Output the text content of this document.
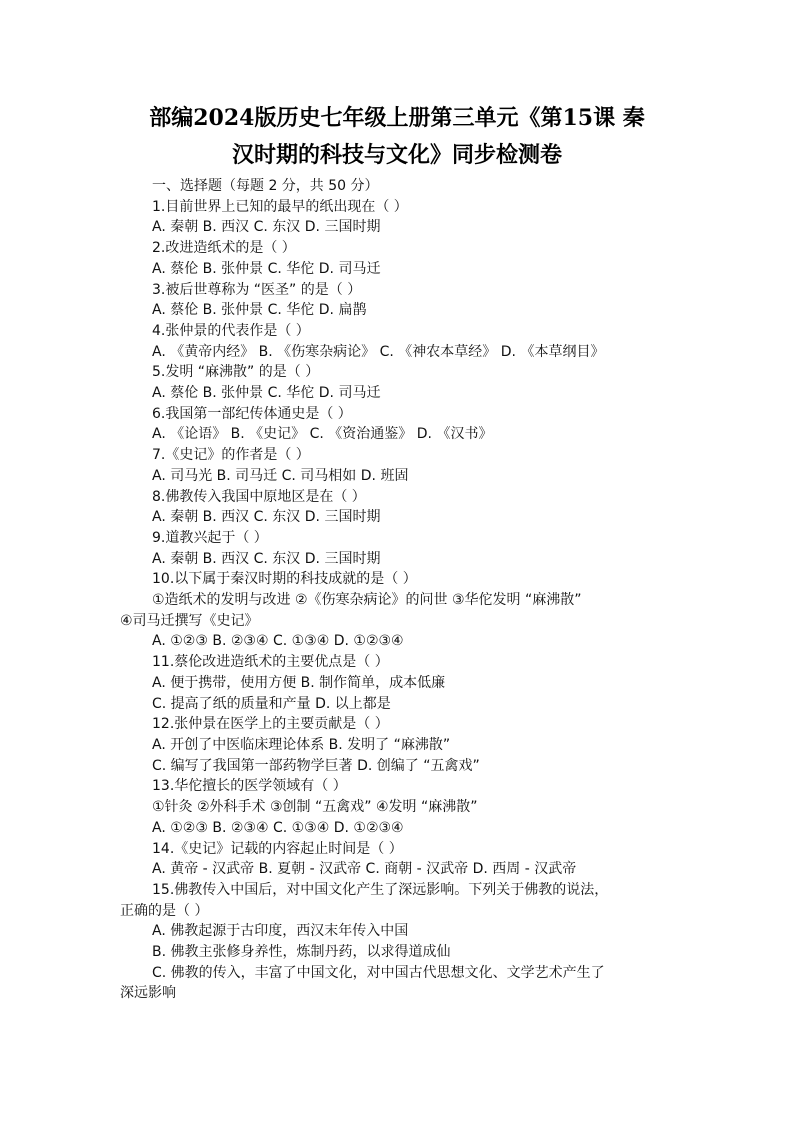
部编2024版历史七年级上册第三单元《第15课 秦
汉时期的科技与文化》同步检测卷
一、选择题（每题 2 分，共 50 分）
1.目前世界上已知的最早的纸出现在（ ）
A. 秦朝 B. 西汉 C. 东汉 D. 三国时期
2.改进造纸术的是（ ）
A. 蔡伦 B. 张仲景 C. 华佗 D. 司马迁
3.被后世尊称为 “医圣” 的是（ ）
A. 蔡伦 B. 张仲景 C. 华佗 D. 扁鹊
4.张仲景的代表作是（ ）
A. 《黄帝内经》 B. 《伤寒杂病论》 C. 《神农本草经》 D. 《本草纲目》
5.发明 “麻沸散” 的是（ ）
A. 蔡伦 B. 张仲景 C. 华佗 D. 司马迁
6.我国第一部纪传体通史是（ ）
A. 《论语》 B. 《史记》 C. 《资治通鉴》 D. 《汉书》
7.《史记》的作者是（ ）
A. 司马光 B. 司马迁 C. 司马相如 D. 班固
8.佛教传入我国中原地区是在（ ）
A. 秦朝 B. 西汉 C. 东汉 D. 三国时期
9.道教兴起于（ ）
A. 秦朝 B. 西汉 C. 东汉 D. 三国时期
10.以下属于秦汉时期的科技成就的是（ ）
①造纸术的发明与改进 ②《伤寒杂病论》的问世 ③华佗发明 “麻沸散”
④司马迁撰写《史记》
A. ①②③ B. ②③④ C. ①③④ D. ①②③④
11.蔡伦改进造纸术的主要优点是（ ）
A. 便于携带，使用方便 B. 制作简单，成本低廉
C. 提高了纸的质量和产量 D. 以上都是
12.张仲景在医学上的主要贡献是（ ）
A. 开创了中医临床理论体系 B. 发明了 “麻沸散”
C. 编写了我国第一部药物学巨著 D. 创编了 “五禽戏”
13.华佗擅长的医学领域有（ ）
①针灸 ②外科手术 ③创制 “五禽戏” ④发明 “麻沸散”
A. ①②③ B. ②③④ C. ①③④ D. ①②③④
14.《史记》记载的内容起止时间是（ ）
A. 黄帝 - 汉武帝 B. 夏朝 - 汉武帝 C. 商朝 - 汉武帝 D. 西周 - 汉武帝
15.佛教传入中国后，对中国文化产生了深远影响。下列关于佛教的说法，
正确的是（ ）
A. 佛教起源于古印度，西汉末年传入中国
B. 佛教主张修身养性，炼制丹药，以求得道成仙
C. 佛教的传入，丰富了中国文化，对中国古代思想文化、文学艺术产生了
深远影响
